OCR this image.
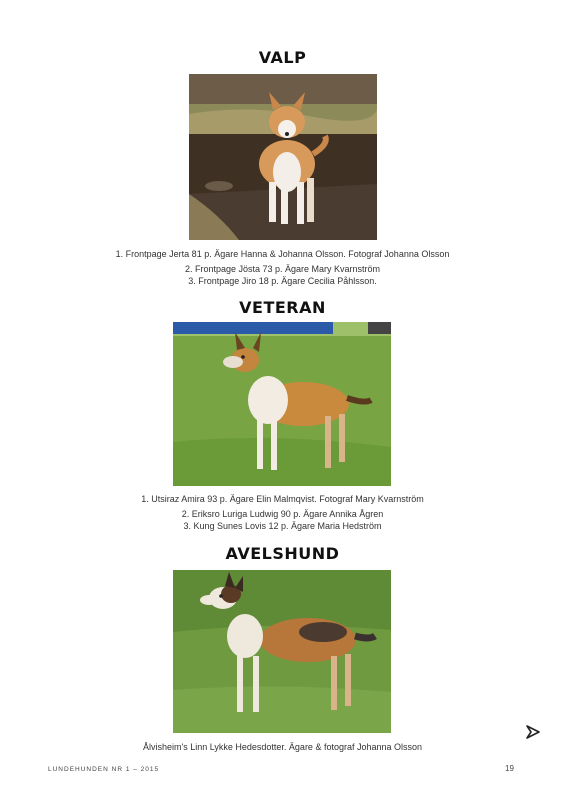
VALP

1. Frontpage Jerta 81 p. Ägare Hanna & Johanna Olsson. Fotograf Johanna Olsson

2. Frontpage Jösta 73 p. Ägare Mary Kvarnström

3. Frontpage Jiro 18 p. Ägare Cecilia Påhlsson.

VETERAN

1. Utsiraz Amira 93 p. Ägare Elin Malmqvist. Fotograf Mary Kvarnström

2. Eriksro Luriga Ludwig 90 p. Ägare Annika Ågren

3. Kung Sunes Lovis 12 p. Ägare Maria Hedström

AVELSHUND

Ålvisheim's Linn Lykke Hedesdotter. Ägare & fotograf Johanna Olsson

LUNDEHUNDEN NR 1 – 2015	19
